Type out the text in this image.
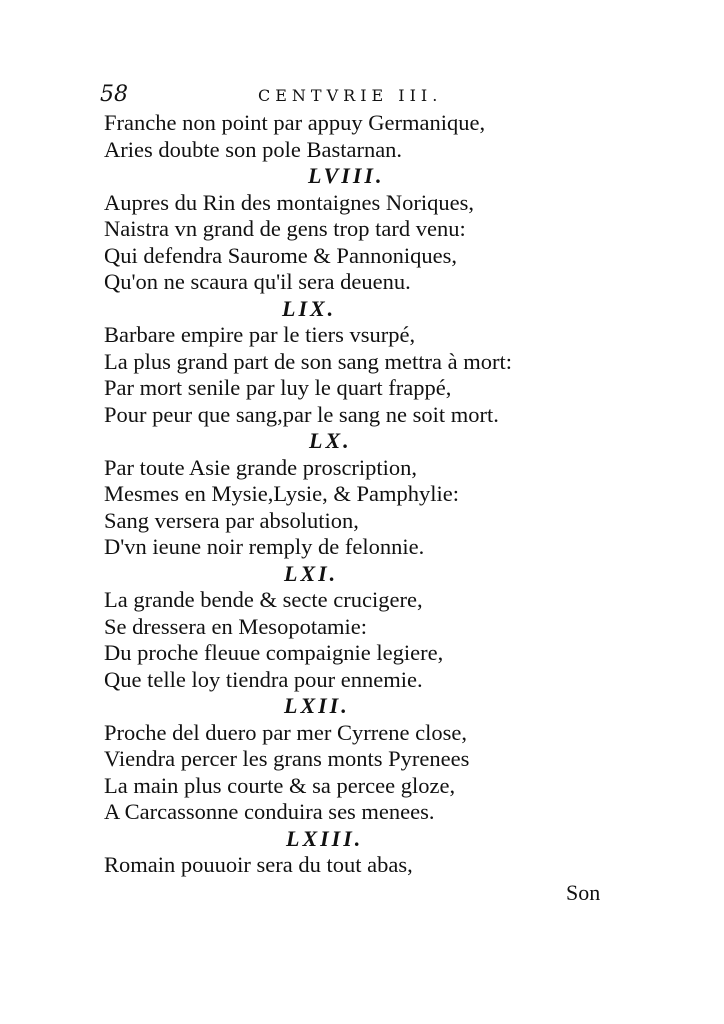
58	CENTVRIE III.
Franche non point par appuy Germanique,
Aries doubte son pole Bastarnan.
LVIII.
Aupres du Rin des montaignes Noriques,
Naistra vn grand de gens trop tard venu:
Qui defendra Saurome & Pannoniques,
Qu'on ne scaura qu'il sera deuenu.
LIX.
Barbare empire par le tiers vsurpé,
La plus grand part de son sang mettra à mort:
Par mort senile par luy le quart frappé,
Pour peur que sang,par le sang ne soit mort.
LX.
Par toute Asie grande proscription,
Mesmes en Mysie,Lysie, & Pamphylie:
Sang versera par absolution,
D'vn ieune noir remply de felonnie.
LXI.
La grande bende & secte crucigere,
Se dressera en Mesopotamie:
Du proche fleuue compaignie legiere,
Que telle loy tiendra pour ennemie.
LXII.
Proche del duero par mer Cyrrene close,
Viendra percer les grans monts Pyrenees
La main plus courte & sa percee gloze,
A Carcassonne conduira ses menees.
LXIII.
Romain pouuoir sera du tout abas,
Son
